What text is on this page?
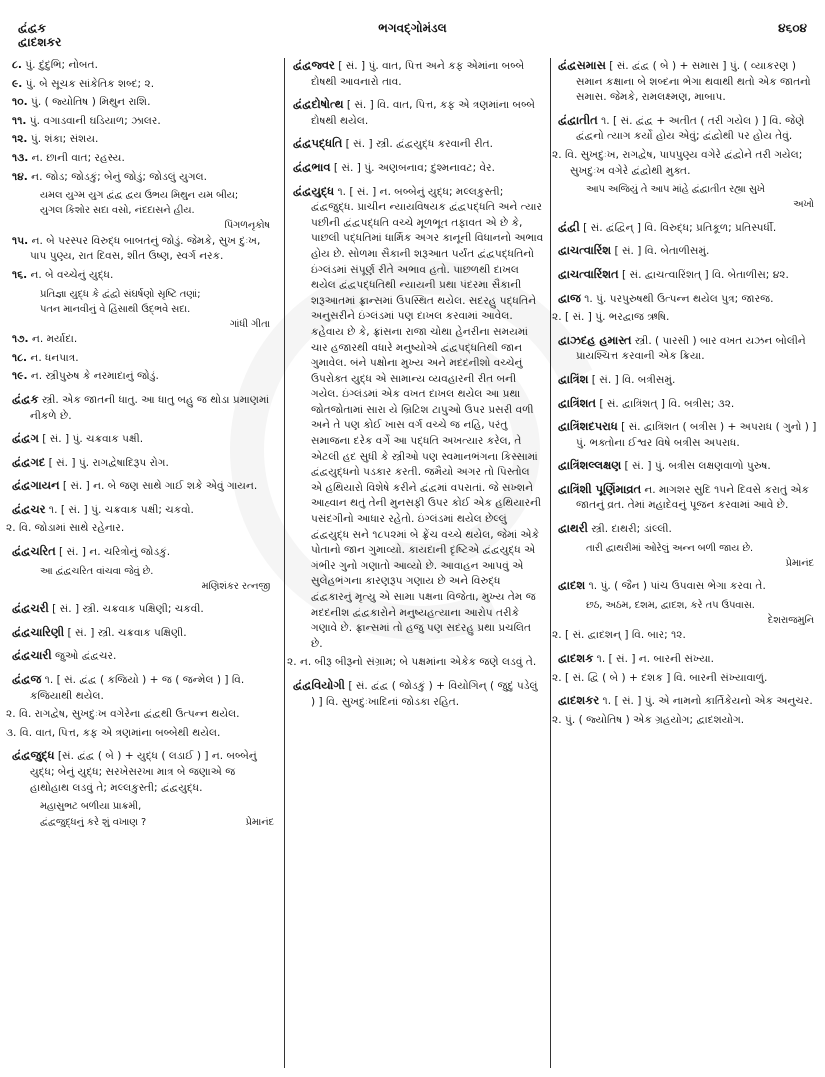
દ્વંદ્વક
દ્વાદશકર
ભગવદ્ગોમંડલ	૪૬૦૪
૮. પું. દુંદુભિ; નોબત.
૯. પું. બે સૂચક સાંકેતિક શબ્દ; ૨.
૧૦. પું. ( જ્યોતિષ ) મિથુન રાશિ.
૧૧. પું. વગાડવાની ઘડિયાળ; ઝાલર.
૧૨. પું. શંકા; સંશય.
૧૩. ન. છાની વાત; રહસ્ય.
૧૪. ન. જોડ; જોડકું; બેનું જોડું; જોડલું યુગલ.
યમલ યુગ્મ યુગ દ્વંદ્વ દ્વય ઉભય મિથુન યમ બીય;
યુગલ કિશોર સદા વસો, નંદદાસને હીય.
પિંગળનૃકોષ
૧૫. ન. બે પરસ્પર વિરુદ્ધ બાબતનું જોડું. જેમકે, સુખ દુઃખ, પાપ પુણ્ય, રાત દિવસ, શીત ઉષ્ણ, સ્વર્ગ નરક.
૧૬. ન. બે વચ્ચેનું યુદ્ધ.
પ્રતિજ્ઞા યુદ્ધ કે દ્વંદ્વો સંઘર્ષણો સૃષ્ટિ તણાં;
પતન માનવીનું વે હિંસાથી ઉદ્ભવે સદા.
ગાંધી ગીતા
૧૭. ન. મર્યાદા.
૧૮. ન. ધનપાત્ર.
૧૯. ન. સ્ત્રીપુરુષ કે નરમાદાનું જોડું.
દ્વંદ્વક સ્ત્રી. એક જાતની ધાતુ. આ ધાતુ બહુ જ થોડા પ્રમાણમાં નીકળે છે.
દ્વંદ્વગ [ સં. ] પું. ચક્રવાક પક્ષી.
દ્વંદ્વગદ [ સં. ] પું. રાગદ્વેષાદિરૂપ રોગ.
દ્વંદ્વગાયન [ સં. ] ન. બે જણ સાથે ગાઈ શકે એવું ગાયન.
દ્વંદ્વચર ૧. [ સં. ] પું. ચક્રવાક પક્ષી; ચકવો.
૨. વિ. જોડામાં સાથે રહેનાર.
દ્વંદ્વચરિત [ સં. ] ન. ચરિત્રોનું જોડકું.
આ દ્વંદ્વચરિત વાંચવા જેવું છે.
મણિશંકર રત્નજી
દ્વંદ્વચરી [ સં. ] સ્ત્રી. ચક્રવાક પક્ષિણી; ચકવી.
દ્વંદ્વચારિણી [ સં. ] સ્ત્રી. ચક્રવાક પક્ષિણી.
દ્વંદ્વચારી જુઓ દ્વંદ્વચર.
દ્વંદ્વજ ૧. [ સં. દ્વંદ્વ ( કજિયો ) + જ ( જન્મેલ ) ] વિ. કજિયાથી થયેલ.
૨. વિ. રાગદ્વેષ, સુખદુઃખ વગેરેના દ્વંદ્વથી ઉત્પન્ન થયેલ.
૩. વિ. વાત, પિત્ત, કફ એ ત્રણમાંના બબ્બેથી થયેલ.
દ્વંદ્વજુદ્ધ [સં. દ્વંદ્વ ( બે ) + યુદ્ધ ( લડાઈ ) ] ન. બબ્બેનું યુદ્ધ; બેનું યુદ્ધ; સરખેસરખા માત્ર બે જણાએ જ હાથોહાથ લડવું તે; મલ્લકુસ્તી; દ્વંદ્વયુદ્ધ.
મહાસુભટ બળીયા પ્રાક્રમી,
દ્વંદ્વજુદ્ધનું કરે શું વખાણ ?	પ્રેમાનંદ
દ્વંદ્વજ્વર [ સં. ] પું. વાત, પિત્ત અને કફ એમાંના બબ્બે દોષથી આવનારો તાવ.
દ્વંદ્વદોષોત્થ [ સં. ] વિ. વાત, પિત્ત, કફ એ ત્રણમાંના બબ્બે દોષથી થયેલ.
દ્વંદ્વપદ્ધતિ [ સં. ] સ્ત્રી. દ્વંદ્વયુદ્ધ કરવાની રીત.
દ્વંદ્વભાવ [ સં. ] પું. અણબનાવ; દુશ્મનાવટ; વેર.
દ્વંદ્વયુદ્ધ ૧. [ સં. ] ન. બબ્બેનું યુદ્ધ; મલ્લકુસ્તી; દ્વંદ્વજુદ્ધ. પ્રાચીન ન્યાયવિષયક દ્વંદ્વપદ્ધતિ અને ત્યાર પછીની દ્વંદ્વપદ્ધતિ વચ્ચે મૂળભૂત તફાવત એ છે કે, પાછલી પદ્ધતિમાં ધાર્મિક અગર કાનૂની વિધાનનો અભાવ હોય છે. સોળમા સૈકાની શરૂઆત પર્યંત દ્વંદ્વપદ્ધતિનો ઇંગ્લંડમાં સંપૂર્ણ રીતે અભાવ હતો. પાછળથી દાખલ થયેલ દ્વંદ્વપદ્ધતિથી ન્યાયની પ્રથા પંદરમા સૈકાની શરૂઆતમાં ફ્રાન્સમાં ઉપસ્થિત થયેલ. સદરહુ પદ્ધતિને અનુસરીને ઇંગ્લંડમાં પણ દાખલ કરવામાં આવેલ. કહેવાય છે કે, ફ્રાંસના રાજા ચોથા હેનરીના સમયમાં ચાર હજારથી વધારે મનુષ્યોએ દ્વંદ્વપદ્ધતિથી જાન ગુમાવેલ. બંને પક્ષોના મુખ્ય અને મદદનીશો વચ્ચેનું ઉપરોક્ત યુદ્ધ એ સામાન્ય વ્યવહારની રીત બની ગયેલ. ઇંગ્લંડમાં એક વખત દાખલ થયેલ આ પ્રથા જોતજોતામાં સારા યે બ્રિટિશ ટાપુઓ ઉપર પ્રસરી વળી અને તે પણ કોઈ ખાસ વર્ગ વચ્ચે જ નહિ, પરંતુ સમાજના દરેક વર્ગે આ પદ્ધતિ અખત્યાર કરેલ, તે એટલી હદ સુધી કે સ્ત્રીઓ પણ સ્વમાનભંગના કિસ્સામાં દ્વંદ્વયુદ્ધનો પડકાર કરતી. જમૈયો અગર તો પિસ્તોલ એ હથિયારો વિશેષે કરીને દ્વંદ્વમાં વપરાતાં. જે સખ્શને આહ્વાન થતું તેની મુનસફી ઉપર કોઈ એક હથિયારની પસંદગીનો આધાર રહેતો. ઇંગ્લંડમાં થયેલ છેલ્લું દ્વંદ્વયુદ્ધ સને ૧૮૫૨માં બે ફ્રેંચ વચ્ચે થયેલ, જેમાં એકે પોતાનો જાન ગુમાવ્યો. કાયદાની દૃષ્ટિએ દ્વંદ્વયુદ્ધ એ ગંભીર ગુનો ગણાતો આવ્યો છે. આવાહન આપવું એ સુલેહભંગના કારણરૂપ ગણાય છે અને વિરુદ્ધ દ્વંદ્વકારનું મૃત્યુ એ સામા પક્ષના વિજેતા, મુખ્ય તેમ જ મદદનીશ દ્વંદ્વકારોને મનુષ્યહત્યાના આરોપ તરીકે ગણાવે છે. ફ્રાન્સમાં તો હજુ પણ સદરહુ પ્રથા પ્રચલિત છે.
૨. ન. બીરૂ બીરૂનો સંગ્રામ; બે પક્ષમાંના એકેક જણે લડવું તે.
દ્વંદ્વવિયોગી [ સં. દ્વંદ્વ ( જોડકું ) + વિયોગિન્ ( જુદું પડેલું ) ] વિ. સુખદુઃખાદિનાં જોડકા રહિત.
દ્વંદ્વસમાસ [ સં. દ્વંદ્વ ( બે ) + સમાસ ] પું. ( વ્યાકરણ ) સમાન કક્ષાના બે શબ્દના ભેગા થવાથી થતો એક જાતનો સમાસ. જેમકે, રામલક્ષ્મણ, માબાપ.
દ્વંદ્વાતીત ૧. [ સં. દ્વંદ્વ + અતીત ( તરી ગયેલ ) ] વિ. જેણે દ્વંદ્વનો ત્યાગ કર્યો હોય એવું; દ્વંદ્વોથી પર હોય તેવું.
૨. વિ. સુખદુઃખ, રાગદ્વેષ, પાપપુણ્ય વગેરે દ્વંદ્વોને તરી ગયેલ; સુખદુઃખ વગેરે દ્વંદ્વોથી મુક્ત.
આપ અજિયું તે આપ માંહે દ્વંદ્વાતીત રહ્યા સુખે
અખો
દ્વંદ્વી [ સં. દ્વંદ્વિન્ ] વિ. વિરુદ્ધ; પ્રતિકૂળ; પ્રતિસ્પર્ધી.
દ્વાચત્વારિંશ [ સં. ] વિ. બેતાળીસમું.
દ્વાચત્વારિંશત [ સં. દ્વાચત્વારિંશત્ ] વિ. બેતાળીસ; ૪૨.
દ્વાજ ૧. પું. પરપુરુષથી ઉત્પન્ન થયેલ પુત્ર; જારજ.
૨. [ સં. ] પું. ભરદ્વાજ ઋષિ.
દ્વાઝદહ હમાસ્ત સ્ત્રી. ( પારસી ) બાર વખત યઝન બોલીને પ્રાયશ્ચિત્ત કરવાની એક ક્રિયા.
દ્વાત્રિંશ [ સં. ] વિ. બત્રીસમું.
દ્વાત્રિંશત [ સં. દ્વાત્રિંશત્ ] વિ. બત્રીસ; ૩૨.
દ્વાત્રિંશદપરાધ [ સં. દ્વાત્રિંશત ( બત્રીસ ) + અપરાધ ( ગુનો ) ] પું. ભક્તોના ઈશ્વર વિષે બત્રીસ અપરાધ.
દ્વાત્રિંશલ્લક્ષણ [ સં. ] પું. બત્રીસ લક્ષણવાળો પુરુષ.
દ્વાત્રિંશી પૂર્ણિમાવ્રત ન. માગશર સુદિ ૧૫ને દિવસે કરાતું એક જાતનું વ્રત. તેમાં મહાદેવનું પૂજન કરવામાં આવે છે.
દ્વાથરી સ્ત્રી. દાથરી; ડાંલ્લી.
તારી દ્વાથરીમાં ઓરેલું અન્ન બળી જાય છે.
પ્રેમાનંદ
દ્વાદશ ૧. પું. ( જૈન ) પાંચ ઉપવાસ ભેગા કરવા તે.
છઠ, અઠમ, દશમ, દ્વાદશ, કરે તપ ઉપવાસ.
દેશરાજમુનિ
૨. [ સં. દ્વાદશન્ ] વિ. બાર; ૧૨.
દ્વાદશક ૧. [ સં. ] ન. બારની સંખ્યા.
૨. [ સં. દ્વિ ( બે ) + દશક ] વિ. બારની સંખ્યાવાળું.
દ્વાદશકર ૧. [ સં. ] પું. એ નામનો કાર્તિકેયનો એક અનુચર.
૨. પું. ( જ્યોતિષ ) એક ગ્રહયોગ; દ્વાદશયોગ.
